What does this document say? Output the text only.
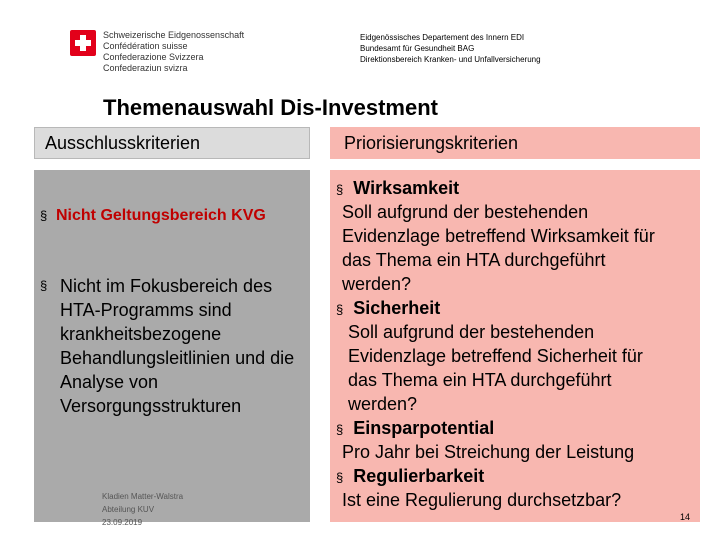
Schweizerische Eidgenossenschaft
Confédération suisse
Confederazione Svizzera
Confederaziun svizra
Eidgenössisches Departement des Innern EDI
Bundesamt für Gesundheit BAG
Direktionsbereich Kranken- und Unfallversicherung
Themenauswahl Dis-Investment
Ausschlusskriterien	Priorisierungskriterien
§ Nicht Geltungsbereich KVG
§ Nicht im Fokusbereich des HTA-Programms sind krankheitsbezogene Behandlungsleitlinien und die Analyse von Versorgungsstrukturen
Kladien Matter-Walstra
Abteilung KUV
23.09.2019
§ Wirksamkeit
Soll aufgrund der bestehenden
Evidenzlage betreffend Wirksamkeit für
das Thema ein HTA durchgeführt
werden?
§ Sicherheit
Soll aufgrund der bestehenden
Evidenzlage betreffend Sicherheit für
das Thema ein HTA durchgeführt
werden?
§ Einsparpotential
Pro Jahr bei Streichung der Leistung
§ Regulierbarkeit
Ist eine Regulierung durchsetzbar?
14
